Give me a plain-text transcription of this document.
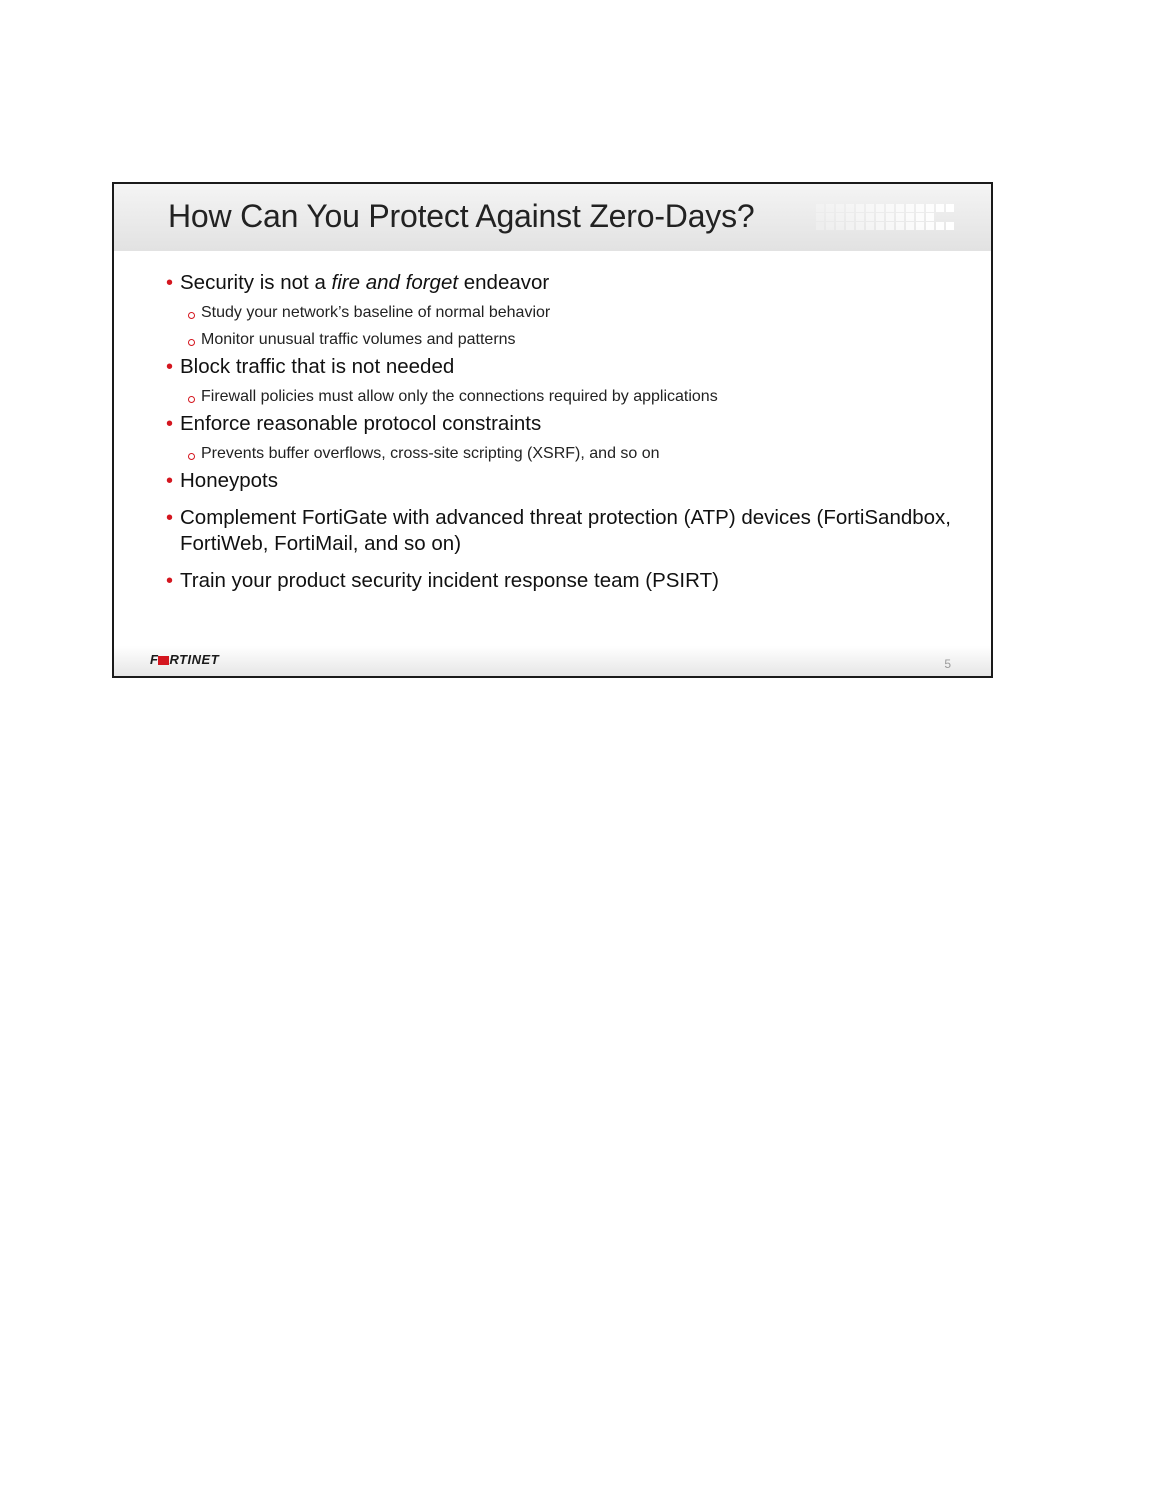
How Can You Protect Against Zero-Days?
• Security is not a fire and forget endeavor
Study your network’s baseline of normal behavior
Monitor unusual traffic volumes and patterns
• Block traffic that is not needed
Firewall policies must allow only the connections required by applications
• Enforce reasonable protocol constraints
Prevents buffer overflows, cross-site scripting (XSRF), and so on
• Honeypots
• Complement FortiGate with advanced threat protection (ATP) devices (FortiSandbox, FortiWeb, FortiMail, and so on)
• Train your product security incident response team (PSIRT)
F RTINET	5
